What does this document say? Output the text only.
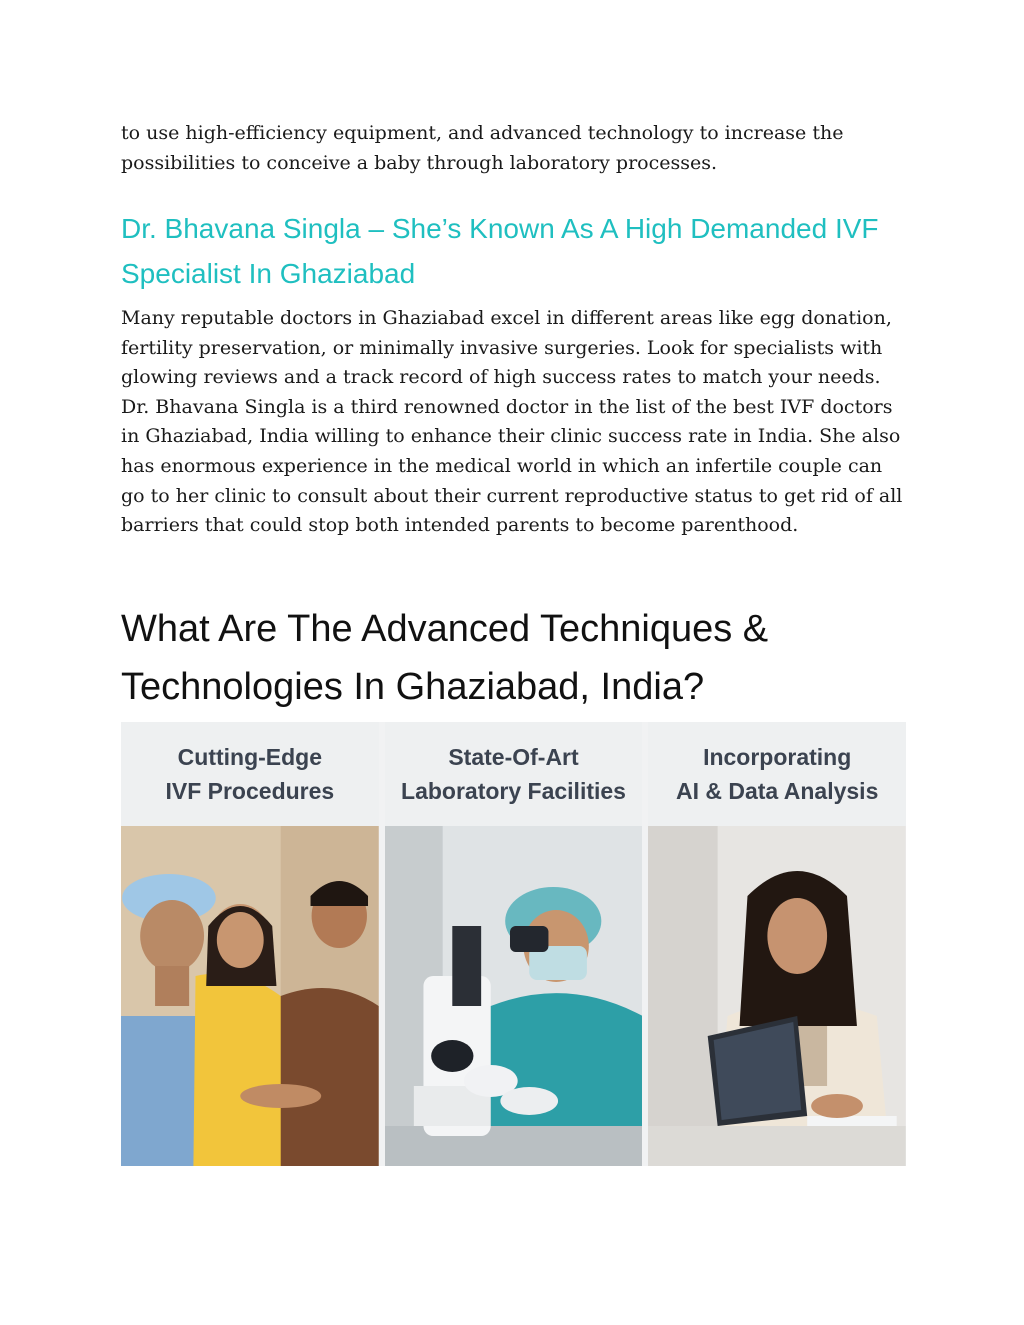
to use high-efficiency equipment, and advanced technology to increase the possibilities to conceive a baby through laboratory processes.

Dr. Bhavana Singla – She’s Known As A High Demanded IVF Specialist In Ghaziabad

Many reputable doctors in Ghaziabad excel in different areas like egg donation, fertility preservation, or minimally invasive surgeries. Look for specialists with glowing reviews and a track record of high success rates to match your needs. Dr. Bhavana Singla is a third renowned doctor in the list of the best IVF doctors in Ghaziabad, India willing to enhance their clinic success rate in India. She also has enormous experience in the medical world in which an infertile couple can go to her clinic to consult about their current reproductive status to get rid of all barriers that could stop both intended parents to become parenthood.

What Are The Advanced Techniques & Technologies In Ghaziabad, India?
Cutting-Edge
IVF Procedures
State-Of-Art
Laboratory Facilities
Incorporating
AI & Data Analysis
